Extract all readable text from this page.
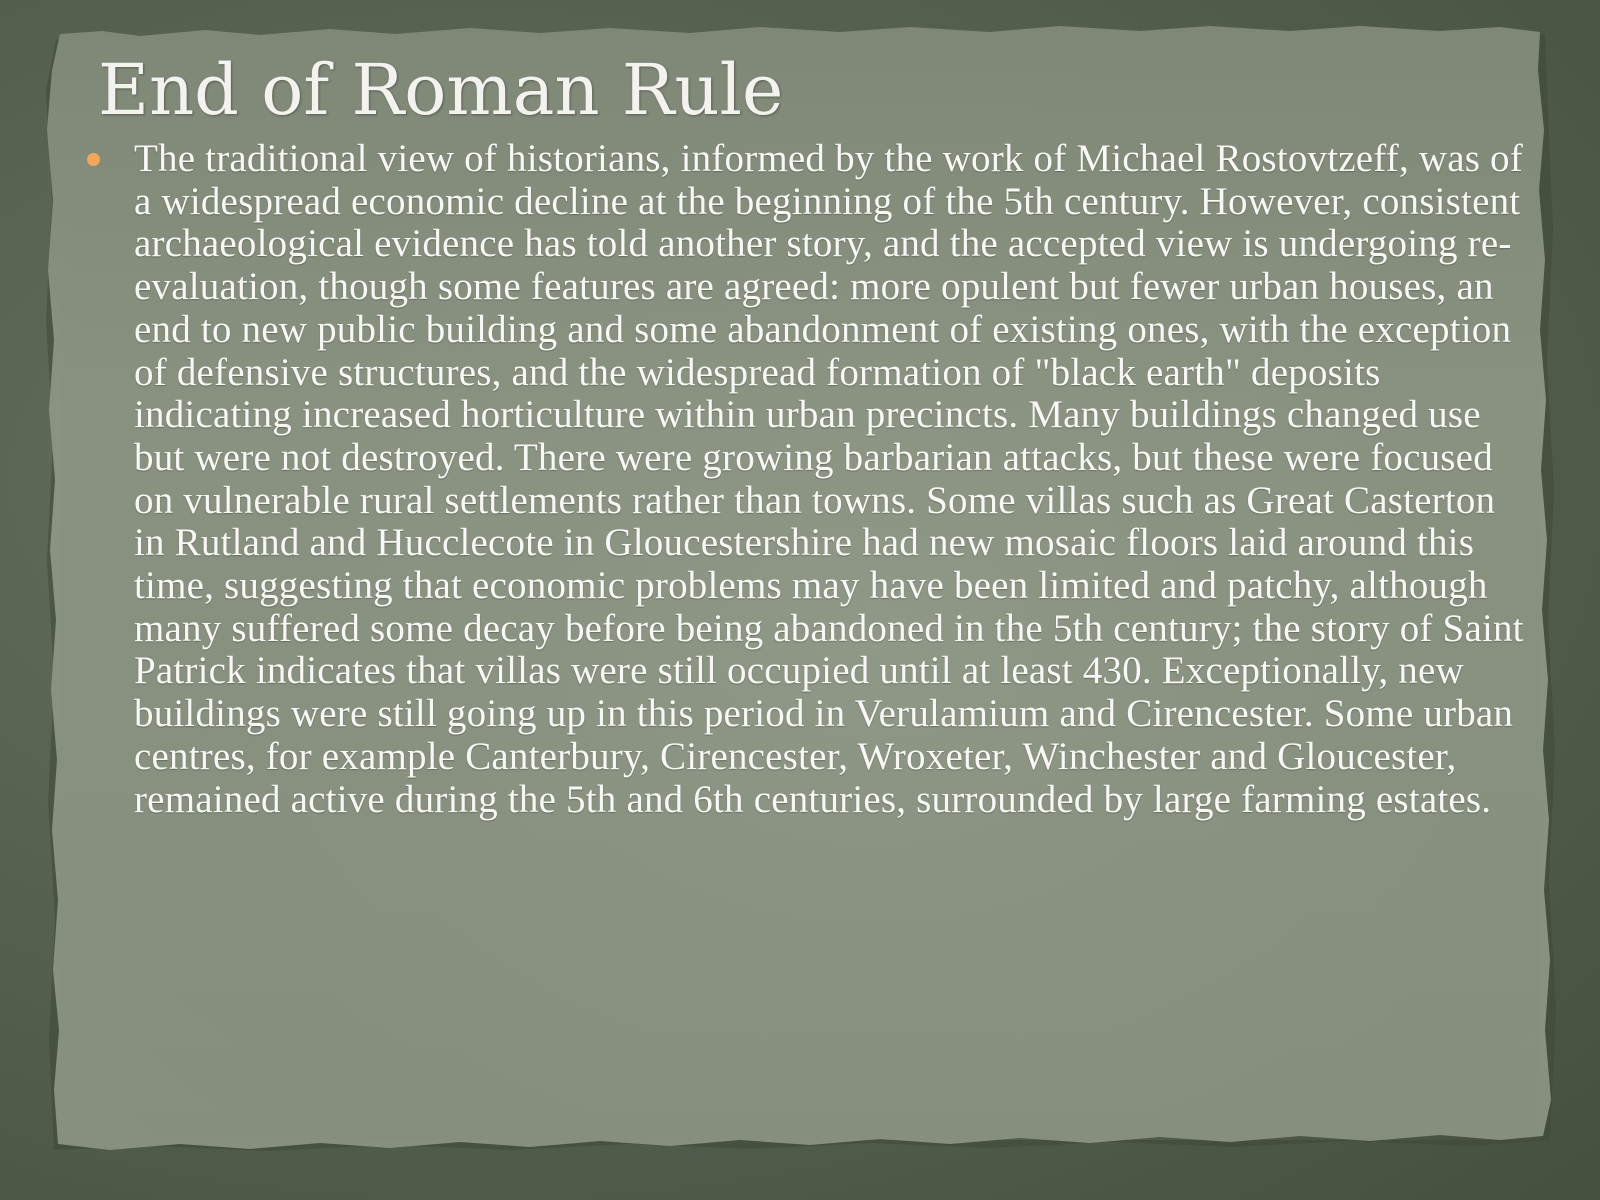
End of Roman Rule

The traditional view of historians, informed by the work of Michael Rostovtzeff, was of a widespread economic decline at the beginning of the 5th century. However, consistent archaeological evidence has told another story, and the accepted view is undergoing re-evaluation, though some features are agreed: more opulent but fewer urban houses, an end to new public building and some abandonment of existing ones, with the exception of defensive structures, and the widespread formation of "black earth" deposits indicating increased horticulture within urban precincts. Many buildings changed use but were not destroyed. There were growing barbarian attacks, but these were focused on vulnerable rural settlements rather than towns. Some villas such as Great Casterton in Rutland and Hucclecote in Gloucestershire had new mosaic floors laid around this time, suggesting that economic problems may have been limited and patchy, although many suffered some decay before being abandoned in the 5th century; the story of Saint Patrick indicates that villas were still occupied until at least 430. Exceptionally, new buildings were still going up in this period in Verulamium and Cirencester. Some urban centres, for example Canterbury, Cirencester, Wroxeter, Winchester and Gloucester, remained active during the 5th and 6th centuries, surrounded by large farming estates.
